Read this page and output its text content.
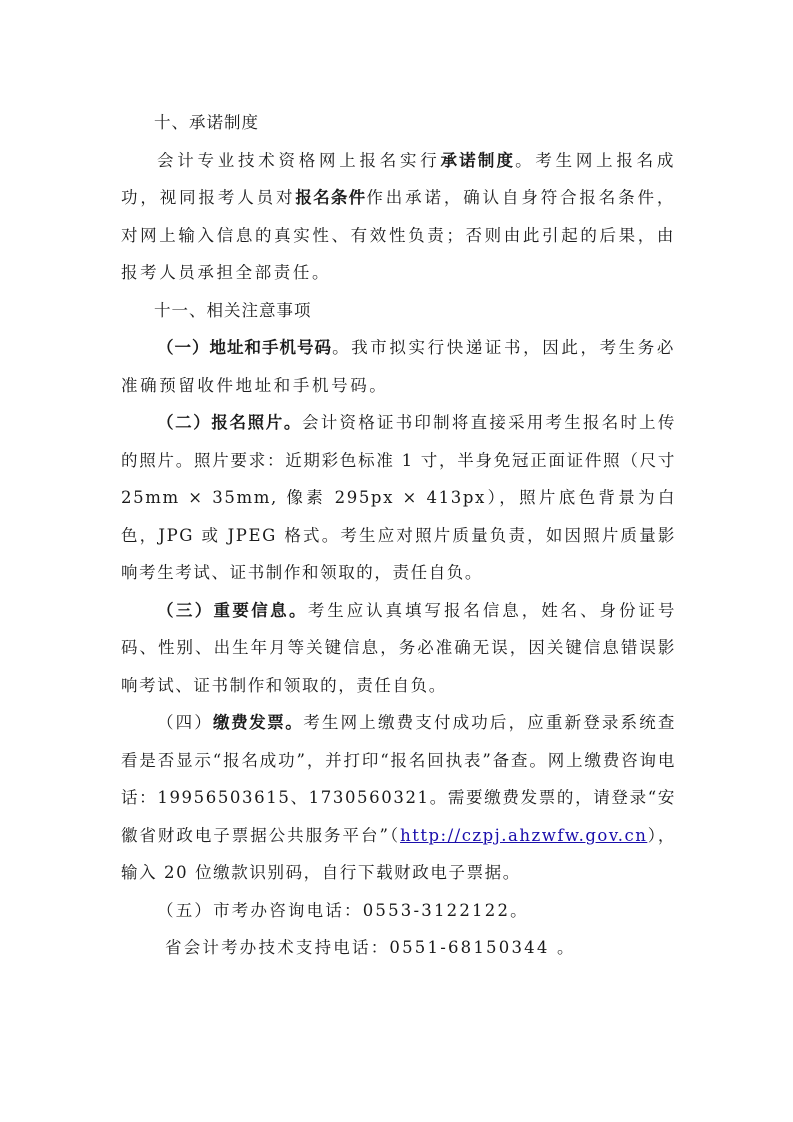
十、承诺制度

会计专业技术资格网上报名实行承诺制度。考生网上报名成功，视同报考人员对报名条件作出承诺，确认自身符合报名条件，对网上输入信息的真实性、有效性负责；否则由此引起的后果，由报考人员承担全部责任。

十一、相关注意事项

（一）地址和手机号码。我市拟实行快递证书，因此，考生务必准确预留收件地址和手机号码。

（二）报名照片。会计资格证书印制将直接采用考生报名时上传的照片。照片要求：近期彩色标准 1 寸，半身免冠正面证件照（尺寸 25mm × 35mm, 像素 295px × 413px），照片底色背景为白色，JPG 或 JPEG 格式。考生应对照片质量负责，如因照片质量影响考生考试、证书制作和领取的，责任自负。

（三）重要信息。考生应认真填写报名信息，姓名、身份证号码、性别、出生年月等关键信息，务必准确无误，因关键信息错误影响考试、证书制作和领取的，责任自负。

（四）缴费发票。考生网上缴费支付成功后，应重新登录系统查看是否显示“报名成功”，并打印“报名回执表”备查。网上缴费咨询电话：19956503615、1730560321。需要缴费发票的，请登录“安徽省财政电子票据公共服务平台”（http://czpj.ahzwfw.gov.cn），输入 20 位缴款识别码，自行下载财政电子票据。

（五）市考办咨询电话：0553-3122122。

省会计考办技术支持电话：0551-68150344 。
